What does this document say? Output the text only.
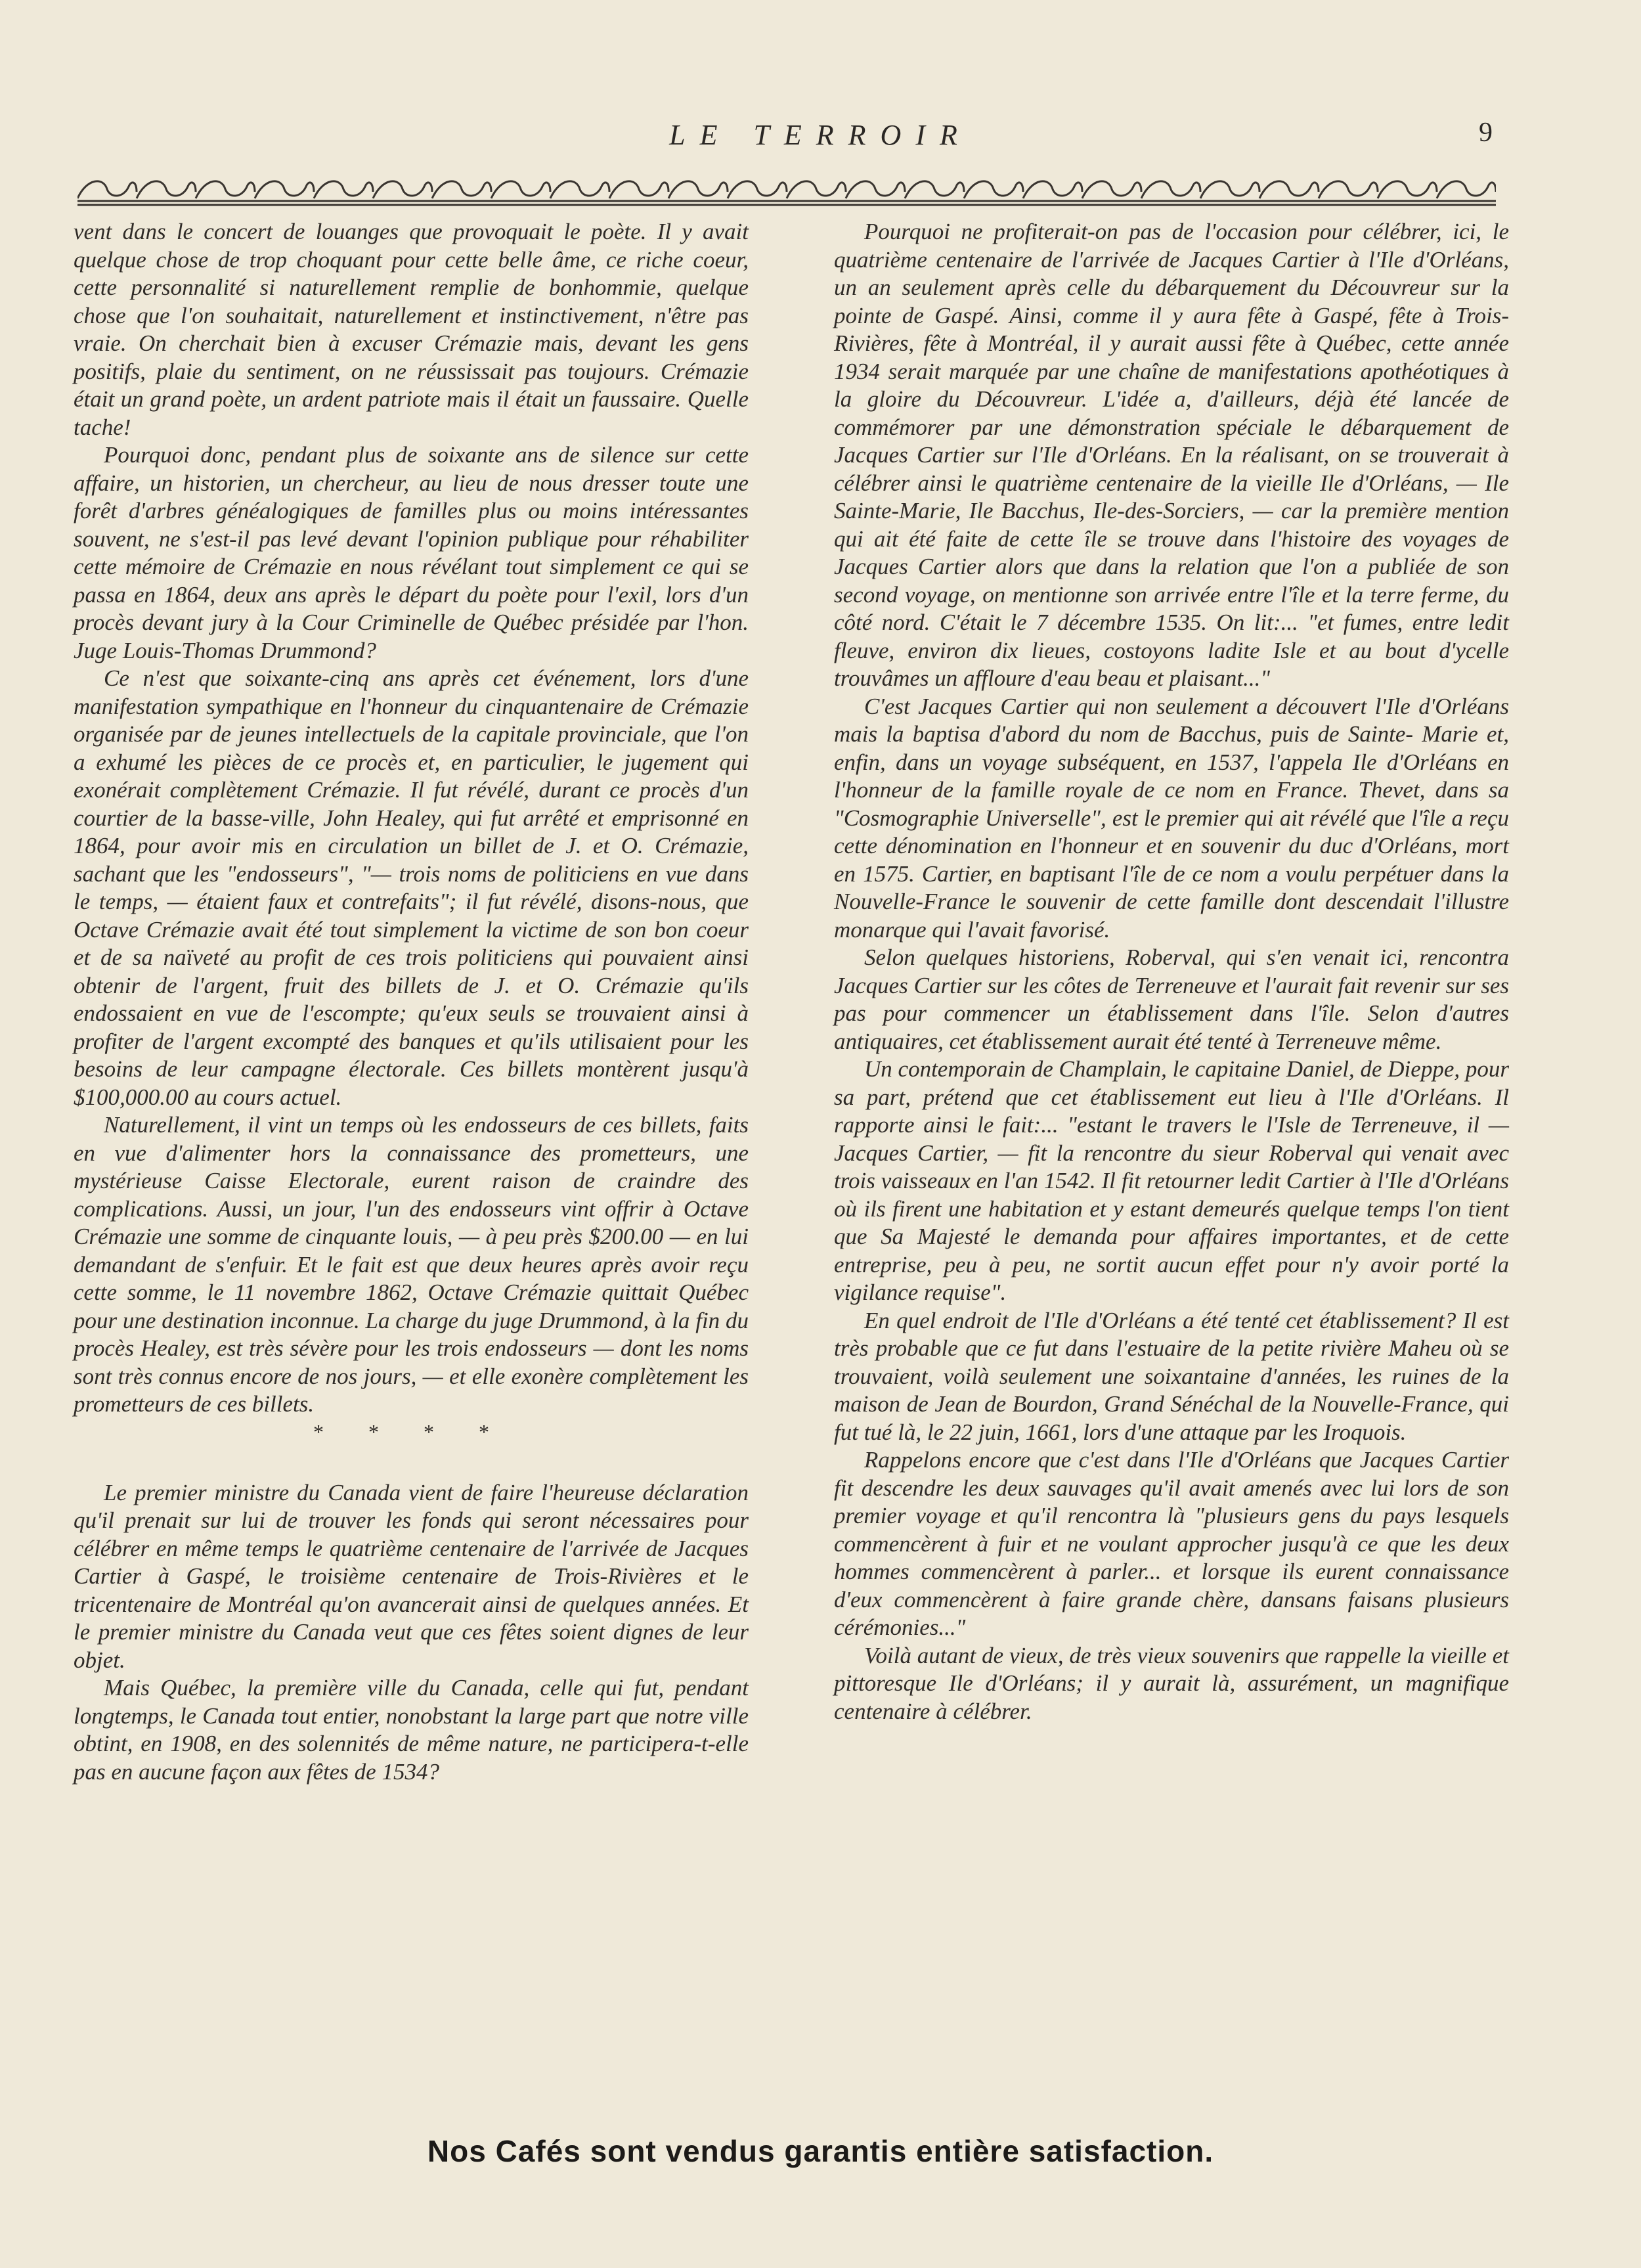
LE TERROIR	9

vent dans le concert de louanges que provoquait le poète. Il y avait quelque chose de trop choquant pour cette belle âme, ce riche coeur, cette personnalité si naturellement remplie de bonhommie, quelque chose que l'on souhaitait, naturellement et instinctivement, n'être pas vraie. On cherchait bien à excuser Crémazie mais, devant les gens positifs, plaie du sentiment, on ne réussissait pas toujours. Crémazie était un grand poète, un ardent patriote mais il était un faussaire. Quelle tache!

Pourquoi donc, pendant plus de soixante ans de silence sur cette affaire, un historien, un chercheur, au lieu de nous dresser toute une forêt d'arbres généalogiques de familles plus ou moins intéressantes souvent, ne s'est-il pas levé devant l'opinion publique pour réhabiliter cette mémoire de Crémazie en nous révélant tout simplement ce qui se passa en 1864, deux ans après le départ du poète pour l'exil, lors d'un procès devant jury à la Cour Criminelle de Québec présidée par l'hon. Juge Louis-Thomas Drummond?

Ce n'est que soixante-cinq ans après cet événement, lors d'une manifestation sympathique en l'honneur du cinquantenaire de Crémazie organisée par de jeunes intellectuels de la capitale provinciale, que l'on a exhumé les pièces de ce procès et, en particulier, le jugement qui exonérait complètement Crémazie. Il fut révélé, durant ce procès d'un courtier de la basse-ville, John Healey, qui fut arrêté et emprisonné en 1864, pour avoir mis en circulation un billet de J. et O. Crémazie, sachant que les "endosseurs", "— trois noms de politiciens en vue dans le temps, — étaient faux et contrefaits"; il fut révélé, disons-nous, que Octave Crémazie avait été tout simplement la victime de son bon coeur et de sa naïveté au profit de ces trois politiciens qui pouvaient ainsi obtenir de l'argent, fruit des billets de J. et O. Crémazie qu'ils endossaient en vue de l'escompte; qu'eux seuls se trouvaient ainsi à profiter de l'argent excompté des banques et qu'ils utilisaient pour les besoins de leur campagne électorale. Ces billets montèrent jusqu'à $100,000.00 au cours actuel.

Naturellement, il vint un temps où les endosseurs de ces billets, faits en vue d'alimenter hors la connaissance des prometteurs, une mystérieuse Caisse Electorale, eurent raison de craindre des complications. Aussi, un jour, l'un des endosseurs vint offrir à Octave Crémazie une somme de cinquante louis, — à peu près $200.00 — en lui demandant de s'enfuir. Et le fait est que deux heures après avoir reçu cette somme, le 11 novembre 1862, Octave Crémazie quittait Québec pour une destination inconnue. La charge du juge Drummond, à la fin du procès Healey, est très sévère pour les trois endosseurs — dont les noms sont très connus encore de nos jours, — et elle exonère complètement les prometteurs de ces billets.

* * * *

Le premier ministre du Canada vient de faire l'heureuse déclaration qu'il prenait sur lui de trouver les fonds qui seront nécessaires pour célébrer en même temps le quatrième centenaire de l'arrivée de Jacques Cartier à Gaspé, le troisième centenaire de Trois-Rivières et le tricentenaire de Montréal qu'on avancerait ainsi de quelques années. Et le premier ministre du Canada veut que ces fêtes soient dignes de leur objet.

Mais Québec, la première ville du Canada, celle qui fut, pendant longtemps, le Canada tout entier, nonobstant la large part que notre ville obtint, en 1908, en des solennités de même nature, ne participera-t-elle pas en aucune façon aux fêtes de 1534?

Pourquoi ne profiterait-on pas de l'occasion pour célébrer, ici, le quatrième centenaire de l'arrivée de Jacques Cartier à l'Ile d'Orléans, un an seulement après celle du débarquement du Découvreur sur la pointe de Gaspé. Ainsi, comme il y aura fête à Gaspé, fête à Trois-Rivières, fête à Montréal, il y aurait aussi fête à Québec, cette année 1934 serait marquée par une chaîne de manifestations apothéotiques à la gloire du Découvreur. L'idée a, d'ailleurs, déjà été lancée de commémorer par une démonstration spéciale le débarquement de Jacques Cartier sur l'Ile d'Orléans. En la réalisant, on se trouverait à célébrer ainsi le quatrième centenaire de la vieille Ile d'Orléans, — Ile Sainte-Marie, Ile Bacchus, Ile-des-Sorciers, — car la première mention qui ait été faite de cette île se trouve dans l'histoire des voyages de Jacques Cartier alors que dans la relation que l'on a publiée de son second voyage, on mentionne son arrivée entre l'île et la terre ferme, du côté nord. C'était le 7 décembre 1535. On lit:... "et fumes, entre ledit fleuve, environ dix lieues, costoyons ladite Isle et au bout d'ycelle trouvâmes un affloure d'eau beau et plaisant..."

C'est Jacques Cartier qui non seulement a découvert l'Ile d'Orléans mais la baptisa d'abord du nom de Bacchus, puis de Sainte- Marie et, enfin, dans un voyage subséquent, en 1537, l'appela Ile d'Orléans en l'honneur de la famille royale de ce nom en France. Thevet, dans sa "Cosmographie Universelle", est le premier qui ait révélé que l'île a reçu cette dénomination en l'honneur et en souvenir du duc d'Orléans, mort en 1575. Cartier, en baptisant l'île de ce nom a voulu perpétuer dans la Nouvelle-France le souvenir de cette famille dont descendait l'illustre monarque qui l'avait favorisé.

Selon quelques historiens, Roberval, qui s'en venait ici, rencontra Jacques Cartier sur les côtes de Terreneuve et l'aurait fait revenir sur ses pas pour commencer un établissement dans l'île. Selon d'autres antiquaires, cet établissement aurait été tenté à Terreneuve même.

Un contemporain de Champlain, le capitaine Daniel, de Dieppe, pour sa part, prétend que cet établissement eut lieu à l'Ile d'Orléans. Il rapporte ainsi le fait:... "estant le travers le l'Isle de Terreneuve, il — Jacques Cartier, — fit la rencontre du sieur Roberval qui venait avec trois vaisseaux en l'an 1542. Il fit retourner ledit Cartier à l'Ile d'Orléans où ils firent une habitation et y estant demeurés quelque temps l'on tient que Sa Majesté le demanda pour affaires importantes, et de cette entreprise, peu à peu, ne sortit aucun effet pour n'y avoir porté la vigilance requise".

En quel endroit de l'Ile d'Orléans a été tenté cet établissement? Il est très probable que ce fut dans l'estuaire de la petite rivière Maheu où se trouvaient, voilà seulement une soixantaine d'années, les ruines de la maison de Jean de Bourdon, Grand Sénéchal de la Nouvelle-France, qui fut tué là, le 22 juin, 1661, lors d'une attaque par les Iroquois.

Rappelons encore que c'est dans l'Ile d'Orléans que Jacques Cartier fit descendre les deux sauvages qu'il avait amenés avec lui lors de son premier voyage et qu'il rencontra là "plusieurs gens du pays lesquels commencèrent à fuir et ne voulant approcher jusqu'à ce que les deux hommes commencèrent à parler... et lorsque ils eurent connaissance d'eux commencèrent à faire grande chère, dansans faisans plusieurs cérémonies..."

Voilà autant de vieux, de très vieux souvenirs que rappelle la vieille et pittoresque Ile d'Orléans; il y aurait là, assurément, un magnifique centenaire à célébrer.

Nos Cafés sont vendus garantis entière satisfaction.
